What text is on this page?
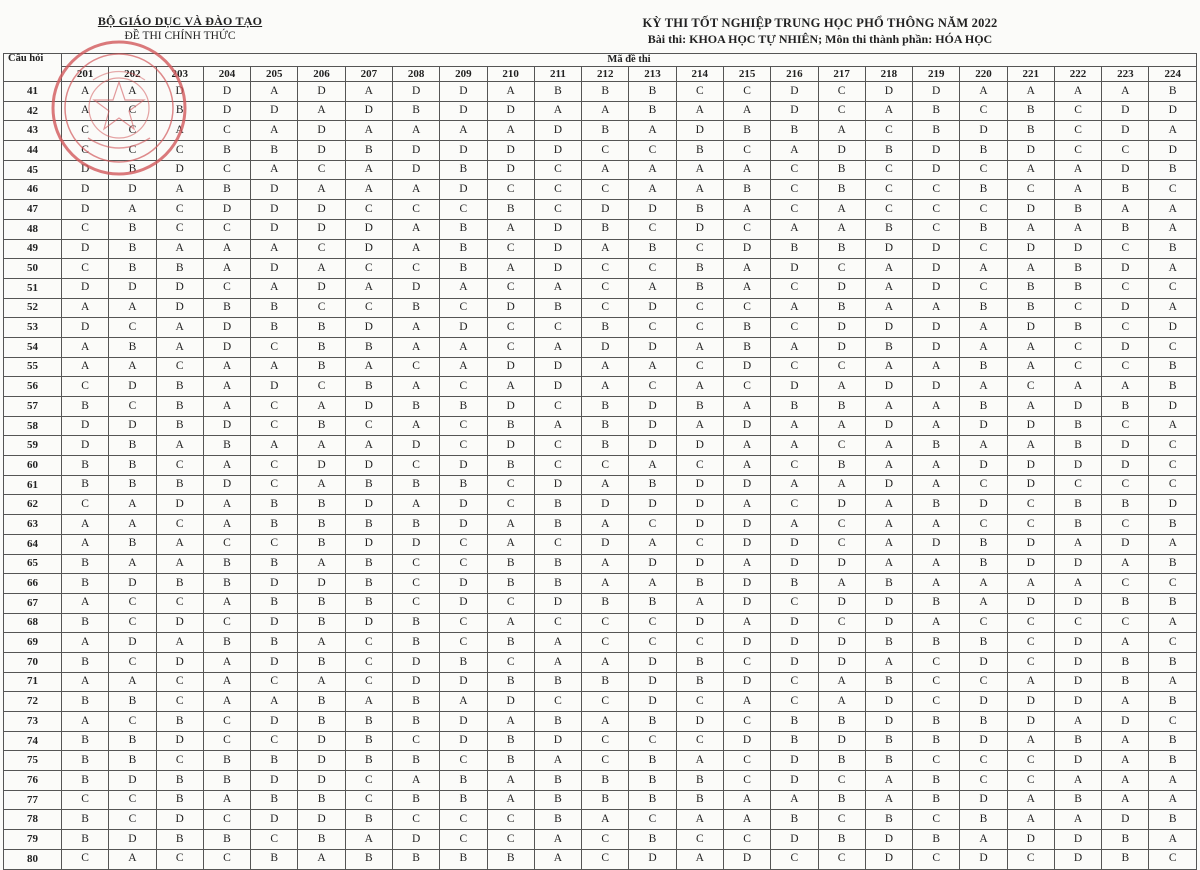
BỘ GIÁO DỤC VÀ ĐÀO TẠO
ĐỀ THI CHÍNH THỨC
KỲ THI TỐT NGHIỆP TRUNG HỌC PHỔ THÔNG NĂM 2022
Bài thi: KHOA HỌC TỰ NHIÊN; Môn thi thành phần: HÓA HỌC
Câu hỏi	Mã đề thi																							
	201	202	203	204	205	206	207	208	209	210	211	212	213	214	215	216	217	218	219	220	221	222	223	224
41	A	A	D	D	A	D	A	D	D	A	B	B	B	C	C	D	C	D	D	A	A	A	A	B
42	A	C	B	D	D	A	D	B	D	D	A	A	B	A	A	D	C	A	B	C	B	C	D	D
43	C	C	A	C	A	D	A	A	A	A	D	B	A	D	B	B	A	C	B	D	B	C	D	A
44	C	C	C	B	B	D	B	D	D	D	D	C	C	B	C	A	D	B	D	B	D	C	C	D
45	D	B	D	C	A	C	A	D	B	D	C	A	A	A	A	C	B	C	D	C	A	A	D	B
46	D	D	A	B	D	A	A	A	D	C	C	C	A	A	B	C	B	C	C	B	C	A	B	C
47	D	A	C	D	D	D	C	C	C	B	C	D	D	B	A	C	A	C	C	C	D	B	A	A
48	C	B	C	C	D	D	D	A	B	A	D	B	C	D	C	A	A	B	C	B	A	A	B	A
49	D	B	A	A	A	C	D	A	B	C	D	A	B	C	D	B	B	D	D	C	D	D	C	B
50	C	B	B	A	D	A	C	C	B	A	D	C	C	B	A	D	C	A	D	A	A	B	D	A
51	D	D	D	C	A	D	A	D	A	C	A	C	A	B	A	C	D	A	D	C	B	B	C	C
52	A	A	D	B	B	C	C	B	C	D	B	C	D	C	C	A	B	A	A	B	B	C	D	A
53	D	C	A	D	B	B	D	A	D	C	C	B	C	C	B	C	D	D	D	A	D	B	C	D
54	A	B	A	D	C	B	B	A	A	C	A	D	D	A	B	A	D	B	D	A	A	C	D	C
55	A	A	C	A	A	B	A	C	A	D	D	A	A	C	D	C	C	A	A	B	A	C	C	B
56	C	D	B	A	D	C	B	A	C	A	D	A	C	A	C	D	A	D	D	A	C	A	A	B
57	B	C	B	A	C	A	D	B	B	D	C	B	D	B	A	B	B	A	A	B	A	D	B	D
58	D	D	B	D	C	B	C	A	C	B	A	B	D	A	D	A	A	D	A	D	D	B	C	A
59	D	B	A	B	A	A	A	D	C	D	C	B	D	D	A	A	C	A	B	A	A	B	D	C
60	B	B	C	A	C	D	D	C	D	B	C	C	A	C	A	C	B	A	A	D	D	D	D	C
61	B	B	B	D	C	A	B	B	B	C	D	A	B	D	D	A	A	D	A	C	D	C	C	C
62	C	A	D	A	B	B	D	A	D	C	B	D	D	D	A	C	D	A	B	D	C	B	B	D
63	A	A	C	A	B	B	B	B	D	A	B	A	C	D	D	A	C	A	A	C	C	B	C	B
64	A	B	A	C	C	B	D	D	C	A	C	D	A	C	D	D	C	A	D	B	D	A	D	A
65	B	A	A	B	B	A	B	C	C	B	B	A	D	D	A	D	D	A	A	B	D	D	A	B
66	B	D	B	B	D	D	B	C	D	B	B	A	A	B	D	B	A	B	A	A	A	A	C	C
67	A	C	C	A	B	B	B	C	D	C	D	B	B	A	D	C	D	D	B	A	D	D	B	B
68	B	C	D	C	D	B	D	B	C	A	C	C	C	D	A	D	C	D	A	C	C	C	C	A
69	A	D	A	B	B	A	C	B	C	B	A	C	C	C	D	D	D	B	B	B	C	D	A	C
70	B	C	D	A	D	B	C	D	B	C	A	A	D	B	C	D	D	A	C	D	C	D	B	B
71	A	A	C	A	C	A	C	D	D	B	B	B	D	B	D	C	A	B	C	C	A	D	B	A
72	B	B	C	A	A	B	A	B	A	D	C	C	D	C	A	C	A	D	C	D	D	D	A	B
73	A	C	B	C	D	B	B	B	D	A	B	A	B	D	C	B	B	D	B	B	D	A	D	C
74	B	B	D	C	C	D	B	C	D	B	D	C	C	C	D	B	D	B	B	D	A	B	A	B
75	B	B	C	B	B	D	B	B	C	B	A	C	B	A	C	D	B	B	C	C	C	D	A	B
76	B	D	B	B	D	D	C	A	B	A	B	B	B	B	C	D	C	A	B	C	C	A	A	A
77	C	C	B	A	B	B	C	B	B	A	B	B	B	B	A	A	B	A	B	D	A	B	A	A
78	B	C	D	C	D	D	B	C	C	C	B	A	C	A	A	B	C	B	C	B	A	A	D	B
79	B	D	B	B	C	B	A	D	C	C	A	C	B	C	C	D	B	D	B	A	D	D	B	A
80	C	A	C	C	B	A	B	B	B	B	A	C	D	A	D	C	C	D	C	D	C	D	B	C
